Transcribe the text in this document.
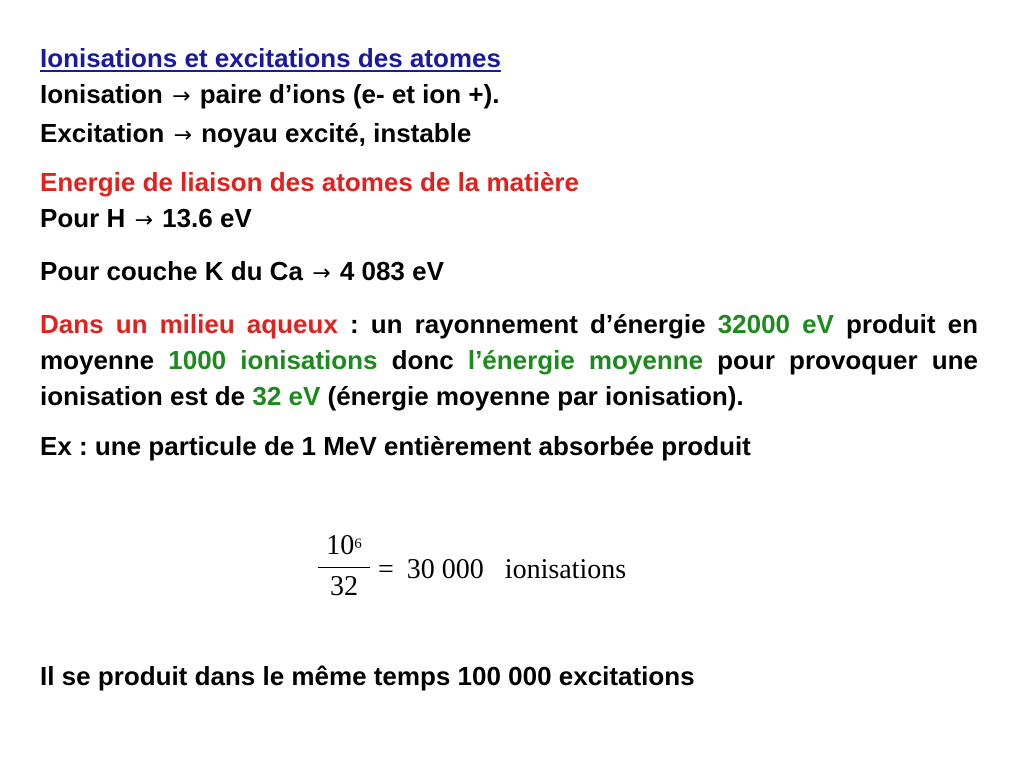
Ionisations et excitations des atomes
Ionisation → paire d’ions (e- et ion +).
Excitation → noyau excité, instable
Energie de liaison des atomes de la matière
Pour H → 13.6 eV
Pour couche K du Ca → 4 083 eV
Dans un milieu aqueux : un rayonnement d’énergie 32000 eV produit en moyenne 1000 ionisations donc l’énergie moyenne pour provoquer une ionisation est de 32 eV (énergie moyenne par ionisation).
Ex : une particule de 1 MeV entièrement absorbée produit
$10^6$
32
= 30 000 ionisations
Il se produit dans le même temps 100 000 excitations
